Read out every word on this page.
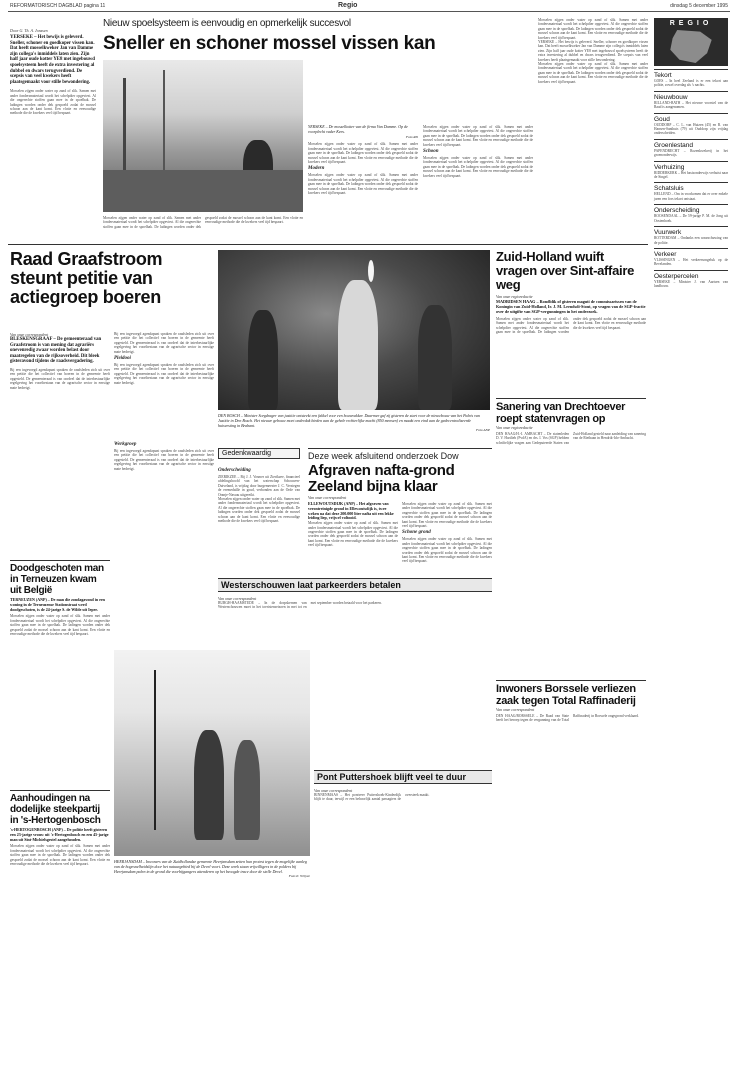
REFORMATORISCH DAGBLAD pagina 11	Regio	dinsdag 5 december 1995
Door G. Th. A. Jonssen
YERSEKE – Het bewijs is geleverd. Sneller, schoner en goedkoper vissen kan. Dat heeft mosselkweker Jan van Damme zijn collega's inmiddels laten zien. Zijn half jaar oude kotter YE8 met ingebouwd spoelsysteem heeft de extra investering al dubbel en dwars terugverdiend. De scepsis van veel kwekers heeft plaatsgemaakt voor stille bewondering.
Mosselen zijgen onder water op zand of slik. Samen met ander fondersmateriaal wordt het schelpdier opgeviest. Al die ongerechte stoffen gaan mee in de spoelbak. De ladingen worden onder dek gespoeld zodat de mossel schoon aan de kant komt. Een vlotte en eenvoudige methode die de kwekers veel tijd bespaart.
Nieuw spoelsysteem is eenvoudig en opmerkelijk succesvol
Sneller en schoner mossel vissen kan
YERSEKE – De mosselkotter van de firma Van Damme. Op de voorplecht vader Kees.
Foto RD
Mosselen zijgen onder water op zand of slik. Samen met ander fondersmateriaal wordt het schelpdier opgeviest. Al die ongerechte stoffen gaan mee in de spoelbak. De ladingen worden onder dek gespoeld zodat de mossel schoon aan de kant komt. Een vlotte en eenvoudige methode die de kwekers veel tijd bespaart.
Modern
Mosselen zijgen onder water op zand of slik. Samen met ander fondersmateriaal wordt het schelpdier opgeviest. Al die ongerechte stoffen gaan mee in de spoelbak. De ladingen worden onder dek gespoeld zodat de mossel schoon aan de kant komt. Een vlotte en eenvoudige methode die de kwekers veel tijd bespaart.
Mosselen zijgen onder water op zand of slik. Samen met ander fondersmateriaal wordt het schelpdier opgeviest. Al die ongerechte stoffen gaan mee in de spoelbak. De ladingen worden onder dek gespoeld zodat de mossel schoon aan de kant komt. Een vlotte en eenvoudige methode die de kwekers veel tijd bespaart.
Schoon
Mosselen zijgen onder water op zand of slik. Samen met ander fondersmateriaal wordt het schelpdier opgeviest. Al die ongerechte stoffen gaan mee in de spoelbak. De ladingen worden onder dek gespoeld zodat de mossel schoon aan de kant komt. Een vlotte en eenvoudige methode die de kwekers veel tijd bespaart.
Mosselen zijgen onder water op zand of slik. Samen met ander fondersmateriaal wordt het schelpdier opgeviest. Al die ongerechte stoffen gaan mee in de spoelbak. De ladingen worden onder dek gespoeld zodat de mossel schoon aan de kant komt. Een vlotte en eenvoudige methode die de kwekers veel tijd bespaart.
YERSEKE – Het bewijs is geleverd. Sneller, schoner en goedkoper vissen kan. Dat heeft mosselkweker Jan van Damme zijn collega's inmiddels laten zien. Zijn half jaar oude kotter YE8 met ingebouwd spoelsysteem heeft de extra investering al dubbel en dwars terugverdiend. De scepsis van veel kwekers heeft plaatsgemaakt voor stille bewondering.
Mosselen zijgen onder water op zand of slik. Samen met ander fondersmateriaal wordt het schelpdier opgeviest. Al die ongerechte stoffen gaan mee in de spoelbak. De ladingen worden onder dek gespoeld zodat de mossel schoon aan de kant komt. Een vlotte en eenvoudige methode die de kwekers veel tijd bespaart.
Mosselen zijgen onder water op zand of slik. Samen met ander fondersmateriaal wordt het schelpdier opgeviest. Al die ongerechte stoffen gaan mee in de spoelbak. De ladingen worden onder dek gespoeld zodat de mossel schoon aan de kant komt. Een vlotte en eenvoudige methode die de kwekers veel tijd bespaart.
Raad Graafstroom steunt petitie van actiegroep boeren
Van onze correspondent
BLESKENSGRAAF – De gemeenteraad van Graafstroom is van mening dat agrariërs onevenredig zwaar worden belast door maatregelen van de rijksoverheid. Dit bleek gisteravond tijdens de raadsvergadering.
Bij een ingevoegd agendapunt spraken de raadsleden zich uit over een petitie die het collectief van boeren in de gemeente heeft opgesteld. De gemeenteraad is van oordeel dat de interbestuurlijke regelgeving het voortbestaan van de agrarische sector in ernstige mate bedreigt.
Bij een ingevoegd agendapunt spraken de raadsleden zich uit over een petitie die het collectief van boeren in de gemeente heeft opgesteld. De gemeenteraad is van oordeel dat de interbestuurlijke regelgeving het voortbestaan van de agrarische sector in ernstige mate bedreigt.
Pleidooi
Bij een ingevoegd agendapunt spraken de raadsleden zich uit over een petitie die het collectief van boeren in de gemeente heeft opgesteld. De gemeenteraad is van oordeel dat de interbestuurlijke regelgeving het voortbestaan van de agrarische sector in ernstige mate bedreigt.
DEN BOSCH – Minister Sorgdrager van justitie ontsteekt een fakkel voor een bouwvakker. Daarmee gaf zij gisteren de start voor de nieuwbouw van het Paleis van Justitie in Den Bosch. Het nieuwe gebouw moet onderdak bieden aan de gehele rechterlijke macht (850 mensen) en maakt een eind aan de gedecentraliseerde huisvesting in Brabant.
Foto ANP
Werkgroep
Bij een ingevoegd agendapunt spraken de raadsleden zich uit over een petitie die het collectief van boeren in de gemeente heeft opgesteld. De gemeenteraad is van oordeel dat de interbestuurlijke regelgeving het voortbestaan van de agrarische sector in ernstige mate bedreigt.
Zuid-Holland wuift vragen over Sint-affaire weg
Van onze regioredactie
MADRIDSEN HAAG – Rondblik of gisteren maguti de commissarissen van de Koningin van Zuid-Holland, Ir. J. M. Leendsdi-Stout, op vragen van de SGP-fractie over de uitgifte van SGP-vergunningen in het onderzoek.
Mosselen zijgen onder water op zand of slik. Samen met ander fondersmateriaal wordt het schelpdier opgeviest. Al die ongerechte stoffen gaan mee in de spoelbak. De ladingen worden onder dek gespoeld zodat de mossel schoon aan de kant komt. Een vlotte en eenvoudige methode die de kwekers veel tijd bespaart.
Sanering van Drechtoever roept statenvragen op
Van onze regioredactie
DEN HAAG/H.-I. AMBACHT – De statenleden D. V. Hartlieb (PvdA) en drs. I. Vos (SGP) hebben schriftelijke vragen aan Gedeputeerde Staten van Zuid-Holland gesteld naar aanleiding van sanering van de Rietbaan in Hendrik-Ido-Ambacht.
Inwoners Borssele verliezen zaak tegen Total Raffinaderij
Van onze correspondent
DEN HAAG/BORSSELE – De Raad van State heeft het beroep tegen de vergunning van de Total Raffinaderij in Borssele ongegrond verklaard.
Doodgeschoten man in Terneuzen kwam uit België
TERNEUZEN (ANP) – De man die zondagavond in een woning in de Terneuzense Stationstraat werd doodgeschoten, is de 24-jarige S. de Wilde uit Ieper.
Mosselen zijgen onder water op zand of slik. Samen met ander fondersmateriaal wordt het schelpdier opgeviest. Al die ongerechte stoffen gaan mee in de spoelbak. De ladingen worden onder dek gespoeld zodat de mossel schoon aan de kant komt. Een vlotte en eenvoudige methode die de kwekers veel tijd bespaart.
Aanhoudingen na dodelijke steekpartij in 's-Hertogenbosch
's-HERTOGENBOSCH (ANP) – De politie heeft gisteren een 23-jarige vrouw uit 's-Hertogenbosch en een 45-jarige man uit Sint-Michielsgestel aangehouden.
Mosselen zijgen onder water op zand of slik. Samen met ander fondersmateriaal wordt het schelpdier opgeviest. Al die ongerechte stoffen gaan mee in de spoelbak. De ladingen worden onder dek gespoeld zodat de mossel schoon aan de kant komt. Een vlotte en eenvoudige methode die de kwekers veel tijd bespaart.
Gedenkwaardig
Onderscheiding
ZIERIKZEE – Bij J. J. Vosmer uit Zierikzee, financieel afdelingshoofd van het waterschap Schouwen-Duiveland, is vrijdag door burgemeester J. C. Verstegen de eremedaille in goud, verbonden aan de Orde van Oranje-Nassau uitgereikt.
Mosselen zijgen onder water op zand of slik. Samen met ander fondersmateriaal wordt het schelpdier opgeviest. Al die ongerechte stoffen gaan mee in de spoelbak. De ladingen worden onder dek gespoeld zodat de mossel schoon aan de kant komt. Een vlotte en eenvoudige methode die de kwekers veel tijd bespaart.
Deze week afsluitend onderzoek Dow
Afgraven nafta-grond Zeeland bijna klaar
Van onze correspondent
ELLEWOUTSDIJK (ANP) – Het afgraven van verontreinigde grond in Ellewoutsdijk is, twee weken na dat deze 200.000 liter nafta uit een lekke leiding liep, vrijwel voltooid.
Mosselen zijgen onder water op zand of slik. Samen met ander fondersmateriaal wordt het schelpdier opgeviest. Al die ongerechte stoffen gaan mee in de spoelbak. De ladingen worden onder dek gespoeld zodat de mossel schoon aan de kant komt. Een vlotte en eenvoudige methode die de kwekers veel tijd bespaart.
Mosselen zijgen onder water op zand of slik. Samen met ander fondersmateriaal wordt het schelpdier opgeviest. Al die ongerechte stoffen gaan mee in de spoelbak. De ladingen worden onder dek gespoeld zodat de mossel schoon aan de kant komt. Een vlotte en eenvoudige methode die de kwekers veel tijd bespaart.
Schone grond
Mosselen zijgen onder water op zand of slik. Samen met ander fondersmateriaal wordt het schelpdier opgeviest. Al die ongerechte stoffen gaan mee in de spoelbak. De ladingen worden onder dek gespoeld zodat de mossel schoon aan de kant komt. Een vlotte en eenvoudige methode die de kwekers veel tijd bespaart.
Westerschouwen laat parkeerders betalen
Van onze correspondent
BURGH-HAAMSTEDE – In de dorpskernen van Westerschouwen moet in het toeristenseizoen in mei tot en met september worden betaald voor het parkeren.
HEERJANSDAM – Inwoners van de Zuidhollandse gemeente Heerjansdam zetten hun protest tegen de mogelijke aanleg van de hogesnelheidslijn door het natuurgebied bij de Devel voort. Deze week staan vrijwilligers in de polders bij Heerjansdam palen in de grond die voorbijgangers attenderen op het beoogde trace door de stelle Devel.
Foto Ir. Wrijste
Pont Puttershoek blijft veel te duur
Van onze correspondent
BINNENMAAS – Het pontveer Puttershoek-Kinderdijk blijft te duur, terwijl er een behoorlijk aantal passagiers de oversteek maakt.
REGIO
Tekort
GOES – In heel Zeeland is er een tekort aan politie, zowel overdag als 's nachts.
Nieuwbouw
RILLAND-BATH – Het nieuwe voorstel van de Raad is aangenomen.
Goud
OUDDORP – C. L. van Huizen (45) en R. van Hansen-Santhuis (79) uit Ouddorp zijn vrijdag onderscheiden.
Groenlestand
PAPENDRECHT – Rozenkwekerij in het groenonderwijs.
Verhuizing
RIDDERKERK – Het basisonderwijs verhuist naar de Singel.
Schatsluis
HELLEND – Om in voorkomen dat er over enkele jaren een fors tekort ontstaat.
Onderscheiding
ROOSENDAAL – De 59-jarige P. M. de Jong uit Oostenhoek.
Vuurwerk
ROTTERDAM – Ondanks een waarschuwing van de politie.
Verkeer
VLISSINGEN – Het verkeersongeluk op de Bevelanden.
Oesterpercelen
YERSEKE – Minister J. van Aartsen van landbouw.
